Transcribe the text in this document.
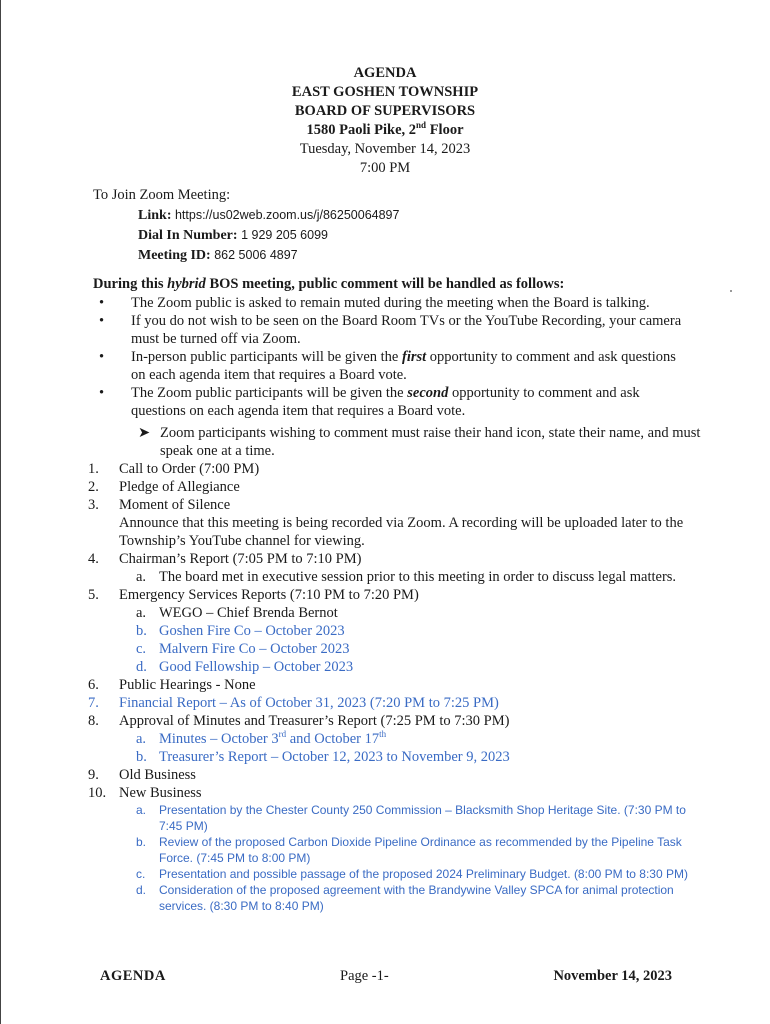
AGENDA
EAST GOSHEN TOWNSHIP
BOARD OF SUPERVISORS
1580 Paoli Pike, 2nd Floor
Tuesday, November 14, 2023
7:00 PM
To Join Zoom Meeting:
Link: https://us02web.zoom.us/j/86250064897
Dial In Number: 1 929 205 6099
Meeting ID: 862 5006 4897
During this hybrid BOS meeting, public comment will be handled as follows:
• The Zoom public is asked to remain muted during the meeting when the Board is talking.
• If you do not wish to be seen on the Board Room TVs or the YouTube Recording, your camera must be turned off via Zoom.
• In-person public participants will be given the first opportunity to comment and ask questions on each agenda item that requires a Board vote.
• The Zoom public participants will be given the second opportunity to comment and ask questions on each agenda item that requires a Board vote.
➤ Zoom participants wishing to comment must raise their hand icon, state their name, and must speak one at a time.
1. Call to Order (7:00 PM)
2. Pledge of Allegiance
3. Moment of Silence
Announce that this meeting is being recorded via Zoom. A recording will be uploaded later to the Township’s YouTube channel for viewing.
4. Chairman’s Report (7:05 PM to 7:10 PM)
a. The board met in executive session prior to this meeting in order to discuss legal matters.
5. Emergency Services Reports (7:10 PM to 7:20 PM)
a. WEGO – Chief Brenda Bernot
b. Goshen Fire Co – October 2023
c. Malvern Fire Co – October 2023
d. Good Fellowship – October 2023
6. Public Hearings - None
7. Financial Report – As of October 31, 2023 (7:20 PM to 7:25 PM)
8. Approval of Minutes and Treasurer’s Report (7:25 PM to 7:30 PM)
a. Minutes – October 3rd and October 17th
b. Treasurer’s Report – October 12, 2023 to November 9, 2023
9. Old Business
10. New Business
a. Presentation by the Chester County 250 Commission – Blacksmith Shop Heritage Site. (7:30 PM to 7:45 PM)
b. Review of the proposed Carbon Dioxide Pipeline Ordinance as recommended by the Pipeline Task Force. (7:45 PM to 8:00 PM)
c. Presentation and possible passage of the proposed 2024 Preliminary Budget. (8:00 PM to 8:30 PM)
d. Consideration of the proposed agreement with the Brandywine Valley SPCA for animal protection services. (8:30 PM to 8:40 PM)
AGENDA	Page -1-	November 14, 2023
